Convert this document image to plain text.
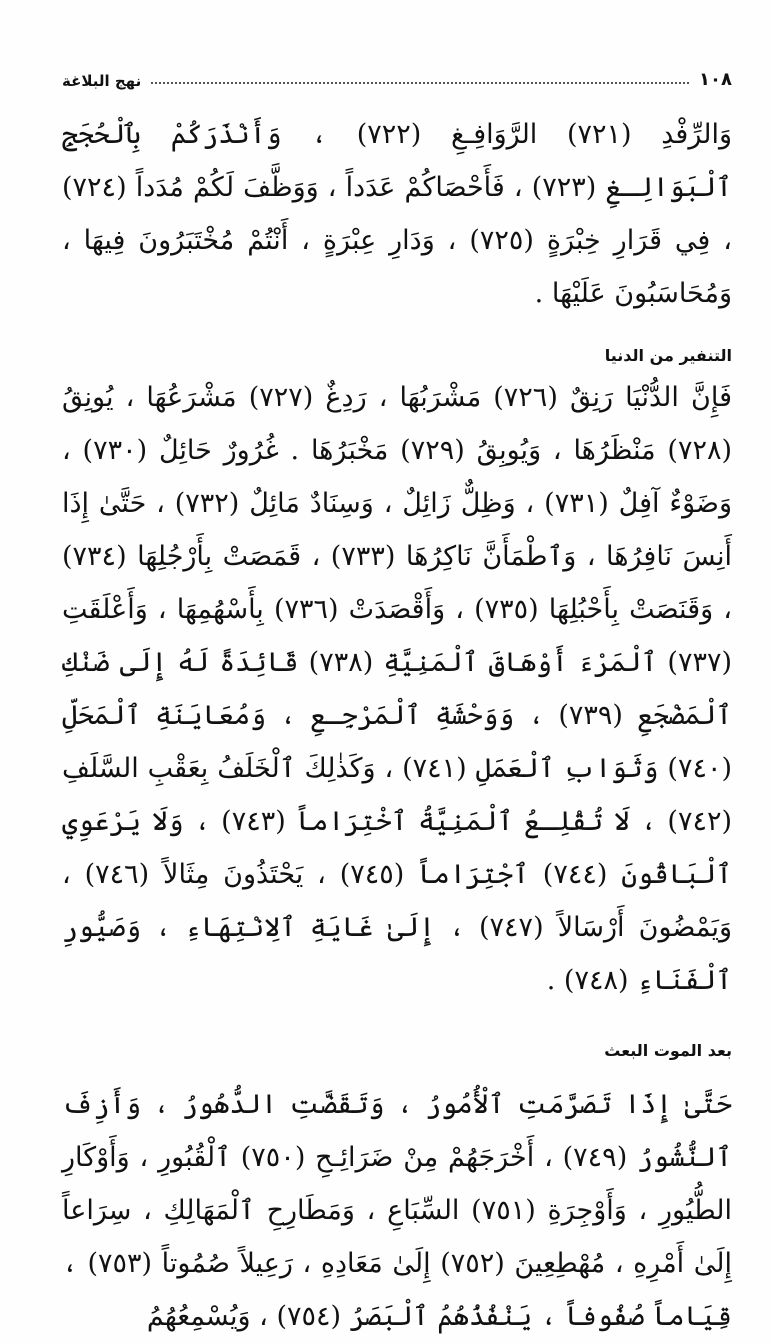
نهج البلاغة	١٠٨

وَالرِّفْدِ (٧٢١) الرَّوَافِـغِ (٧٢٢) ، وَأَنْذَرَكُمْ بِٱلْحُجَجِ ٱلْبَوَالِـغِ (٧٢٣) ، فَأَحْصَاكُمْ عَدَداً ، وَوَظَّفَ لَكُمْ مُدَداً (٧٢٤) ، فِي قَرَارِ خِبْرَةٍ (٧٢٥) ، وَدَارِ عِبْرَةٍ ، أَنْتُمْ مُخْتَبَرُونَ فِيهَا ، وَمُحَاسَبُونَ عَلَيْهَا .

التنفير من الدنيا

فَإِنَّ الدُّنْيَا رَنِقٌ (٧٢٦) مَشْرَبُهَا ، رَدِغٌ (٧٢٧) مَشْرَعُهَا ، يُونِقُ (٧٢٨) مَنْظَرُهَا ، وَيُوبِقُ (٧٢٩) مَخْبَرُهَا . غُرُورٌ حَائِلٌ (٧٣٠) ، وَضَوْءٌ آفِلٌ (٧٣١) ، وَظِلٌّ زَائِلٌ ، وَسِنَادٌ مَائِلٌ (٧٣٢) ، حَتَّىٰ إِذَا أَنِسَ نَافِرُهَا ، وَٱطْمَأَنَّ نَاكِرُهَا (٧٣٣) ، قَمَصَتْ بِأَرْجُلِهَا (٧٣٤) ، وَقَنَصَتْ بِأَحْبُلِهَا (٧٣٥) ، وَأَقْصَدَتْ (٧٣٦) بِأَسْهُمِهَا ، وَأَعْلَقَتِ (٧٣٧) ٱلْمَرْءَ أَوْهَاقَ ٱلْمَنِيَّةِ (٧٣٨) قَائِدَةً لَهُ إِلَى ضَنْكِ ٱلْمَضْجَعِ (٧٣٩) ، وَوَحْشَةِ ٱلْمَرْجِـعِ ، وَمُعَايَنَةِ ٱلْمَحَلِّ (٧٤٠) وَثَوَابِ ٱلْعَمَلِ (٧٤١) ، وَكَذٰلِكَ ٱلْخَلَفُ بِعَقْبِ السَّلَفِ (٧٤٢) ، لَا تُقْلِـعُ ٱلْمَنِيَّةُ ٱخْتِرَاماً (٧٤٣) ، وَلَا يَرْعَوِي ٱلْبَاقُونَ (٧٤٤) ٱجْتِرَاماً (٧٤٥) ، يَحْتَذُونَ مِثَالاً (٧٤٦) ، وَيَمْضُونَ أَرْسَالاً (٧٤٧) ، إِلَىٰ غَايَةِ ٱلِانْتِهَاءِ ، وَصَيُّورِ ٱلْفَنَاءِ (٧٤٨) .

بعد الموت البعث

حَتَّىٰ إِذَا تَصَرَّمَتِ ٱلْأُمُورُ ، وَتَقَضَّتِ الدُّهُورُ ، وَأَزِفَ ٱلنُّشُورُ (٧٤٩) ، أَخْرَجَهُمْ مِنْ ضَرَائِـحِ (٧٥٠) ٱلْقُبُورِ ، وَأَوْكَارِ الطُّيُورِ ، وَأَوْجِرَةِ (٧٥١) السِّبَاعِ ، وَمَطَارِحِ ٱلْمَهَالِكِ ، سِرَاعاً إِلَىٰ أَمْرِهِ ، مُهْطِعِينَ (٧٥٢) إِلَىٰ مَعَادِهِ ، رَعِيلاً صُمُوتاً (٧٥٣) ، قِيَاماً صُفُوفاً ، يَنْفُذُهُمُ ٱلْبَصَرُ (٧٥٤) ، وَيُسْمِعُهُمُ
